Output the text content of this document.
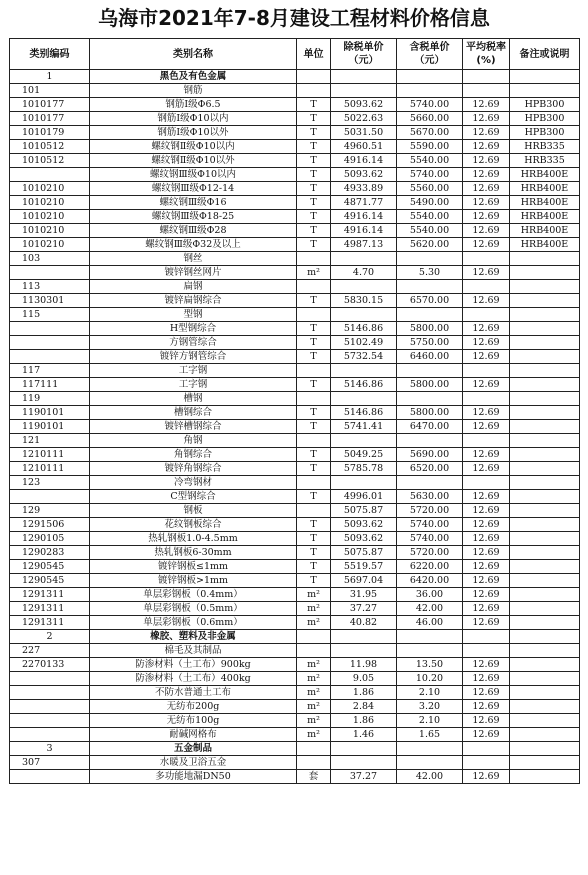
乌海市2021年7-8月建设工程材料价格信息
类别编码	类别名称	单位	除税单价（元）	含税单价（元）	平均税率(%)	备注或说明
1	黑色及有色金属					
101	钢筋					
1010177	钢筋I级Φ6.5	T	5093.62	5740.00	12.69	HPB300
1010177	钢筋I级Φ10以内	T	5022.63	5660.00	12.69	HPB300
1010179	钢筋I级Φ10以外	T	5031.50	5670.00	12.69	HPB300
1010512	螺纹钢Ⅱ级Φ10以内	T	4960.51	5590.00	12.69	HRB335
1010512	螺纹钢Ⅱ级Φ10以外	T	4916.14	5540.00	12.69	HRB335
	螺纹钢Ⅲ级Φ10以内	T	5093.62	5740.00	12.69	HRB400E
1010210	螺纹钢Ⅲ级Φ12-14	T	4933.89	5560.00	12.69	HRB400E
1010210	螺纹钢Ⅲ级Φ16	T	4871.77	5490.00	12.69	HRB400E
1010210	螺纹钢Ⅲ级Φ18-25	T	4916.14	5540.00	12.69	HRB400E
1010210	螺纹钢Ⅲ级Φ28	T	4916.14	5540.00	12.69	HRB400E
1010210	螺纹钢Ⅲ级Φ32及以上	T	4987.13	5620.00	12.69	HRB400E
103	钢丝					
	镀锌钢丝网片	m²	4.70	5.30	12.69	
113	扁钢					
1130301	镀锌扁钢综合	T	5830.15	6570.00	12.69	
115	型钢					
	H型钢综合	T	5146.86	5800.00	12.69	
	方钢管综合	T	5102.49	5750.00	12.69	
	镀锌方钢管综合	T	5732.54	6460.00	12.69	
117	工字钢					
117111	工字钢	T	5146.86	5800.00	12.69	
119	槽钢					
1190101	槽钢综合	T	5146.86	5800.00	12.69	
1190101	镀锌槽钢综合	T	5741.41	6470.00	12.69	
121	角钢					
1210111	角钢综合	T	5049.25	5690.00	12.69	
1210111	镀锌角钢综合	T	5785.78	6520.00	12.69	
123	冷弯钢材					
	C型钢综合	T	4996.01	5630.00	12.69	
129	钢板		5075.87	5720.00	12.69	
1291506	花纹钢板综合	T	5093.62	5740.00	12.69	
1290105	热轧钢板1.0-4.5mm	T	5093.62	5740.00	12.69	
1290283	热轧钢板6-30mm	T	5075.87	5720.00	12.69	
1290545	镀锌钢板≤1mm	T	5519.57	6220.00	12.69	
1290545	镀锌钢板>1mm	T	5697.04	6420.00	12.69	
1291311	单层彩钢板（0.4mm）	m²	31.95	36.00	12.69	
1291311	单层彩钢板（0.5mm）	m²	37.27	42.00	12.69	
1291311	单层彩钢板（0.6mm）	m²	40.82	46.00	12.69	
2	橡胶、塑料及非金属					
227	棉毛及其制品					
2270133	防渗材料（土工布）900kg	m²	11.98	13.50	12.69	
	防渗材料（土工布）400kg	m²	9.05	10.20	12.69	
	不防水普通土工布	m²	1.86	2.10	12.69	
	无纺布200g	m²	2.84	3.20	12.69	
	无纺布100g	m²	1.86	2.10	12.69	
	耐碱网格布	m²	1.46	1.65	12.69	
3	五金制品					
307	水暖及卫浴五金					
	多功能地漏DN50	套	37.27	42.00	12.69	
